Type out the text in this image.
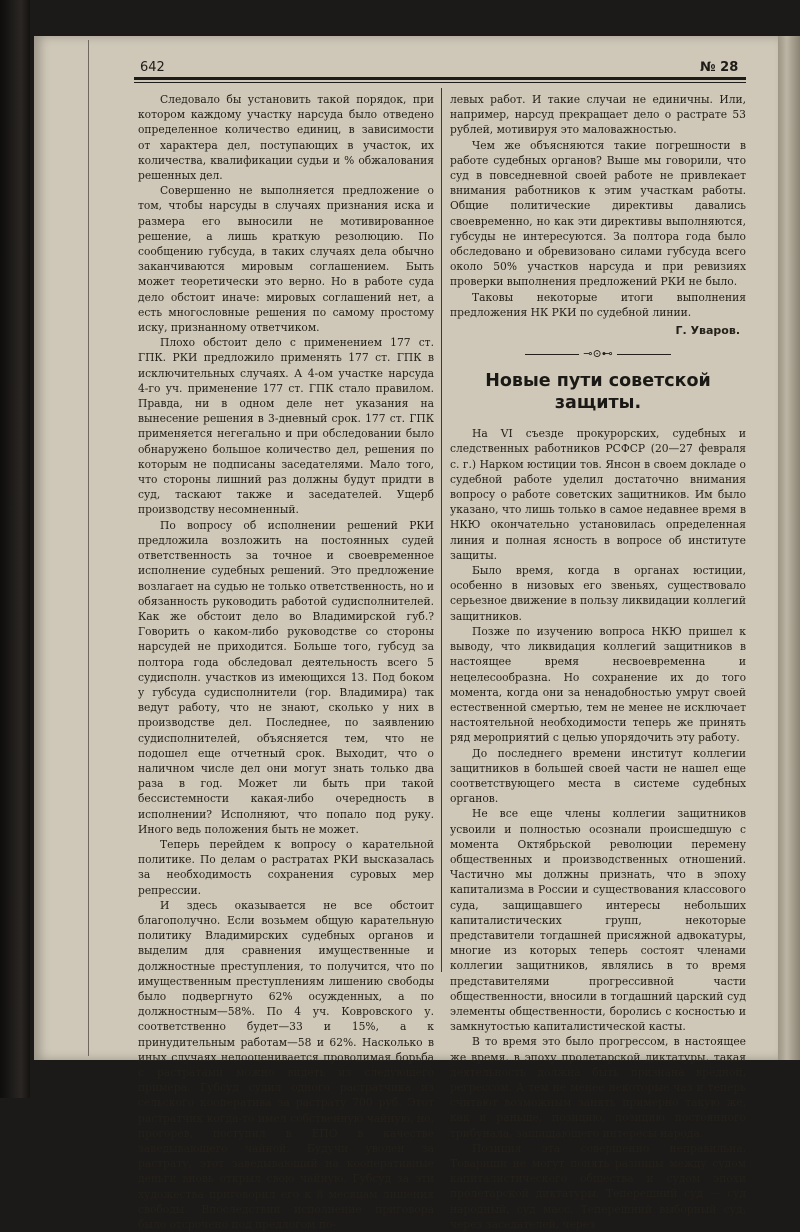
642	№ 28

Следовало бы установить такой порядок, при котором каждому участку нарсуда было отведено определенное количество единиц, в зависимости от характера дел, поступающих в участок, их количества, квалификации судьи и % обжалования решенных дел.

Совершенно не выполняется предложение о том, чтобы нарсуды в случаях признания иска и размера его выносили не мотивированное решение, а лишь краткую резолюцию. По сообщению губсуда, в таких случаях дела обычно заканчиваются мировым соглашением. Быть может теоретически это верно. Но в работе суда дело обстоит иначе: мировых соглашений нет, а есть многословные решения по самому простому иску, признанному ответчиком.

Плохо обстоит дело с применением 177 ст. ГПК. РКИ предложило применять 177 ст. ГПК в исключительных случаях. А 4-ом участке нарсуда 4-го уч. применение 177 ст. ГПК стало правилом. Правда, ни в одном деле нет указания на вынесение решения в 3-дневный срок. 177 ст. ГПК применяется негегально и при обследовании было обнаружено большое количество дел, решения по которым не подписаны заседателями. Мало того, что стороны лишний раз должны будут придти в суд, таскают также и заседателей. Ущерб производству несомненный.

По вопросу об исполнении решений РКИ предложила возложить на постоянных судей ответственность за точное и своевременное исполнение судебных решений. Это предложение возлагает на судью не только ответственность, но и обязанность руководить работой судисполнителей. Как же обстоит дело во Владимирской губ.? Говорить о каком-либо руководстве со стороны нарсудей не приходится. Больше того, губсуд за полтора года обследовал деятельность всего 5 судисполн. участков из имеющихся 13. Под боком у губсуда судисполнители (гор. Владимира) так ведут работу, что не знают, сколько у них в производстве дел. Последнее, по заявлению судисполнителей, объясняется тем, что не подошел еще отчетный срок. Выходит, что о наличном числе дел они могут знать только два раза в год. Может ли быть при такой бессистемности какая-либо очередность в исполнении? Исполняют, что попало под руку. Иного ведь положения быть не может.

Теперь перейдем к вопросу о карательной политике. По делам о растратах РКИ высказалась за необходимость сохранения суровых мер репрессии.

И здесь оказывается не все обстоит благополучно. Если возьмем общую карательную политику Владимирских судебных органов и выделим для сравнения имущественные и должностные преступления, то получится, что по имущественным преступлениям лишению свободы было подвергнуто 62% осужденных, а по должностным—58%. По 4 уч. Ковровского у. соответственно будет—33 и 15%, а к принудительным работам—58 и 62%. Насколько в иных случаях недооценивается проводимая борьба с растратами можно видеть из следующего примера. Губсуд судил одного растратчика из сельского кооператива за растрату 700 руб. Этот растратчик когда-то имел собственную чайную, но, прогорев, поступил в ЕПО в качестве заведывающего чайной. Будучи уволен за растрату, этот заведывающий на кооперативные деньги вновь открыл свою чайную. Губсуд за эти художества приговорил его к 8 месяцам лишения свободы. Впоследствии исполнение приговора было отсрочено под предлогом по-

левых работ. И такие случаи не единичны. Или, например, нарсуд прекращает дело о растрате 53 рублей, мотивируя это маловажностью.

Чем же объясняются такие погрешности в работе судебных органов? Выше мы говорили, что суд в повседневной своей работе не привлекает внимания работников к этим участкам работы. Общие политические директивы давались своевременно, но как эти директивы выполняются, губсуды не интересуются. За полтора года было обследовано и обревизовано силами губсуда всего около 50% участков нарсуда и при ревизиях проверки выполнения предложений РКИ не было.

Таковы некоторые итоги выполнения предложения НК РКИ по судебной линии.

Г. Уваров.
⊸⊙⊷
Новые пути советской защиты.

На VI съезде прокурорских, судебных и следственных работников РСФСР (20—27 февраля с. г.) Нарком юстиции тов. Янсон в своем докладе о судебной работе уделил достаточно внимания вопросу о работе советских защитников. Им было указано, что лишь только в самое недавнее время в НКЮ окончательно установилась определенная линия и полная ясность в вопросе об институте защиты.

Было время, когда в органах юстиции, особенно в низовых его звеньях, существовало серьезное движение в пользу ликвидации коллегий защитников.

Позже по изучению вопроса НКЮ пришел к выводу, что ликвидация коллегий защитников в настоящее время несвоевременна и нецелесообразна. Но сохранение их до того момента, когда они за ненадобностью умрут своей естественной смертью, тем не менее не исключает настоятельной необходимости теперь же принять ряд мероприятий с целью упорядочить эту работу.

До последнего времени институт коллегии защитников в большей своей части не нашел еще соответствующего места в системе судебных органов.

Не все еще члены коллегии защитников усвоили и полностью осознали происшедшую с момента Октябрьской революции перемену общественных и производственных отношений. Частично мы должны признать, что в эпоху капитализма в России и существования классового суда, защищавшего интересы небольших капиталистических групп, некоторые представители тогдашней присяжной адвокатуры, многие из которых теперь состоят членами коллегии защитников, являлись в то время представителями прогрессивной части общественности, вносили в тогдашний царский суд элементы общественности, боролись с косностью и замкнутостью капиталистической касты.

В то время это было прогрессом, в настоящее же время, в эпоху пролетарской диктатуры, такая деятельность должна быть признана вредной, регрессом. А тем не менее некоторые чаз и теперь считают возможным занять примерно такую же, как и раньше, позицию, позицию постоянного трибунала, защищающего интересы народа.

Позиция эта совершенно неправильна. Товарищи не могут понять разницы между судом капиталистического общества и судом эпохи пролетарской диктатуры. Теперешний суд — суд народный, суд масс. Теперешний выборный суд, через заседателей, через
